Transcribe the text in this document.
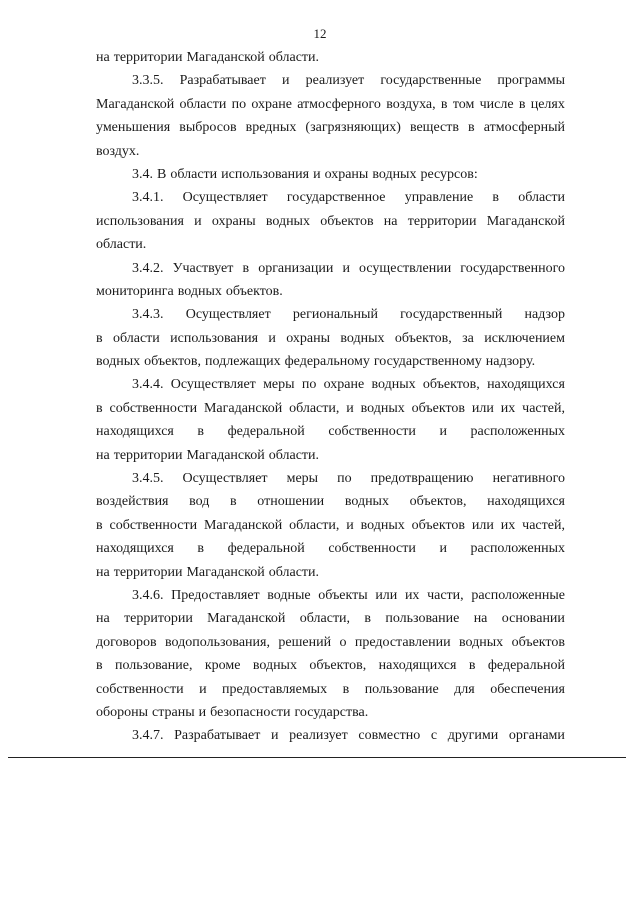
12
на территории Магаданской области.
3.3.5. Разрабатывает и реализует государственные программы
Магаданской области по охране атмосферного воздуха, в том числе в целях
уменьшения выбросов вредных (загрязняющих) веществ в атмосферный
воздух.
3.4. В области использования и охраны водных ресурсов:
3.4.1. Осуществляет государственное управление в области
использования и охраны водных объектов на территории Магаданской
области.
3.4.2. Участвует в организации и осуществлении государственного
мониторинга водных объектов.
3.4.3. Осуществляет региональный государственный надзор
в области использования и охраны водных объектов, за исключением
водных объектов, подлежащих федеральному государственному надзору.
3.4.4. Осуществляет меры по охране водных объектов, находящихся
в собственности Магаданской области, и водных объектов или их частей,
находящихся в федеральной собственности и расположенных
на территории Магаданской области.
3.4.5. Осуществляет меры по предотвращению негативного
воздействия вод в отношении водных объектов, находящихся
в собственности Магаданской области, и водных объектов или их частей,
находящихся в федеральной собственности и расположенных
на территории Магаданской области.
3.4.6. Предоставляет водные объекты или их части, расположенные
на территории Магаданской области, в пользование на основании
договоров водопользования, решений о предоставлении водных объектов
в пользование, кроме водных объектов, находящихся в федеральной
собственности и предоставляемых в пользование для обеспечения
обороны страны и безопасности государства.
3.4.7. Разрабатывает и реализует совместно с другими органами
